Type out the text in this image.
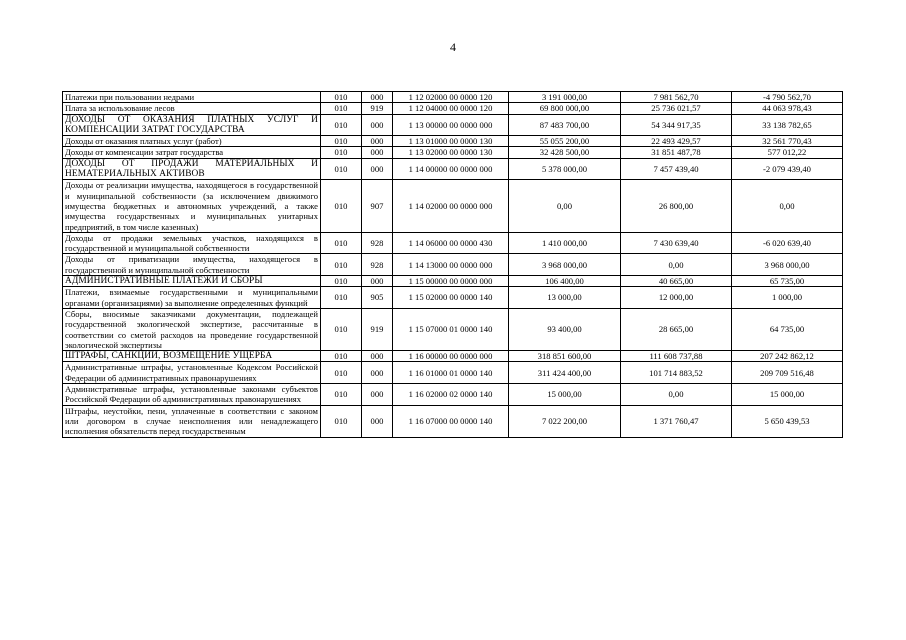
4
Платежи при пользовании недрами	010	000	1 12 02000 00 0000 120	3 191 000,00	7 981 562,70	-4 790 562,70
Плата за использование лесов	010	919	1 12 04000 00 0000 120	69 800 000,00	25 736 021,57	44 063 978,43
ДОХОДЫ ОТ ОКАЗАНИЯ ПЛАТНЫХ УСЛУГ И КОМПЕНСАЦИИ ЗАТРАТ ГОСУДАРСТВА	010	000	1 13 00000 00 0000 000	87 483 700,00	54 344 917,35	33 138 782,65
Доходы от оказания платных услуг (работ)	010	000	1 13 01000 00 0000 130	55 055 200,00	22 493 429,57	32 561 770,43
Доходы от компенсации затрат государства	010	000	1 13 02000 00 0000 130	32 428 500,00	31 851 487,78	577 012,22
ДОХОДЫ ОТ ПРОДАЖИ МАТЕРИАЛЬНЫХ И НЕМАТЕРИАЛЬНЫХ АКТИВОВ	010	000	1 14 00000 00 0000 000	5 378 000,00	7 457 439,40	-2 079 439,40
Доходы от реализации имущества, находящегося в государственной и муниципальной собственности (за исключением движимого имущества бюджетных и автономных учреждений, а также имущества государственных и муниципальных унитарных предприятий, в том числе казенных)	010	907	1 14 02000 00 0000 000	0,00	26 800,00	0,00
Доходы от продажи земельных участков, находящихся в государственной и муниципальной собственности	010	928	1 14 06000 00 0000 430	1 410 000,00	7 430 639,40	-6 020 639,40
Доходы от приватизации имущества, находящегося в государственной и муниципальной собственности	010	928	1 14 13000 00 0000 000	3 968 000,00	0,00	3 968 000,00
АДМИНИСТРАТИВНЫЕ ПЛАТЕЖИ И СБОРЫ	010	000	1 15 00000 00 0000 000	106 400,00	40 665,00	65 735,00
Платежи, взимаемые государственными и муниципальными органами (организациями) за выполнение определенных функций	010	905	1 15 02000 00 0000 140	13 000,00	12 000,00	1 000,00
Сборы, вносимые заказчиками документации, подлежащей государственной экологической экспертизе, рассчитанные в соответствии со сметой расходов на проведение государственной экологической экспертизы	010	919	1 15 07000 01 0000 140	93 400,00	28 665,00	64 735,00
ШТРАФЫ, САНКЦИИ, ВОЗМЕЩЕНИЕ УЩЕРБА	010	000	1 16 00000 00 0000 000	318 851 600,00	111 608 737,88	207 242 862,12
Административные штрафы, установленные Кодексом Российской Федерации об административных правонарушениях	010	000	1 16 01000 01 0000 140	311 424 400,00	101 714 883,52	209 709 516,48
Административные штрафы, установленные законами субъектов Российской Федерации об административных правонарушениях	010	000	1 16 02000 02 0000 140	15 000,00	0,00	15 000,00
Штрафы, неустойки, пени, уплаченные в соответствии с законом или договором в случае неисполнения или ненадлежащего исполнения обязательств перед государственным	010	000	1 16 07000 00 0000 140	7 022 200,00	1 371 760,47	5 650 439,53
